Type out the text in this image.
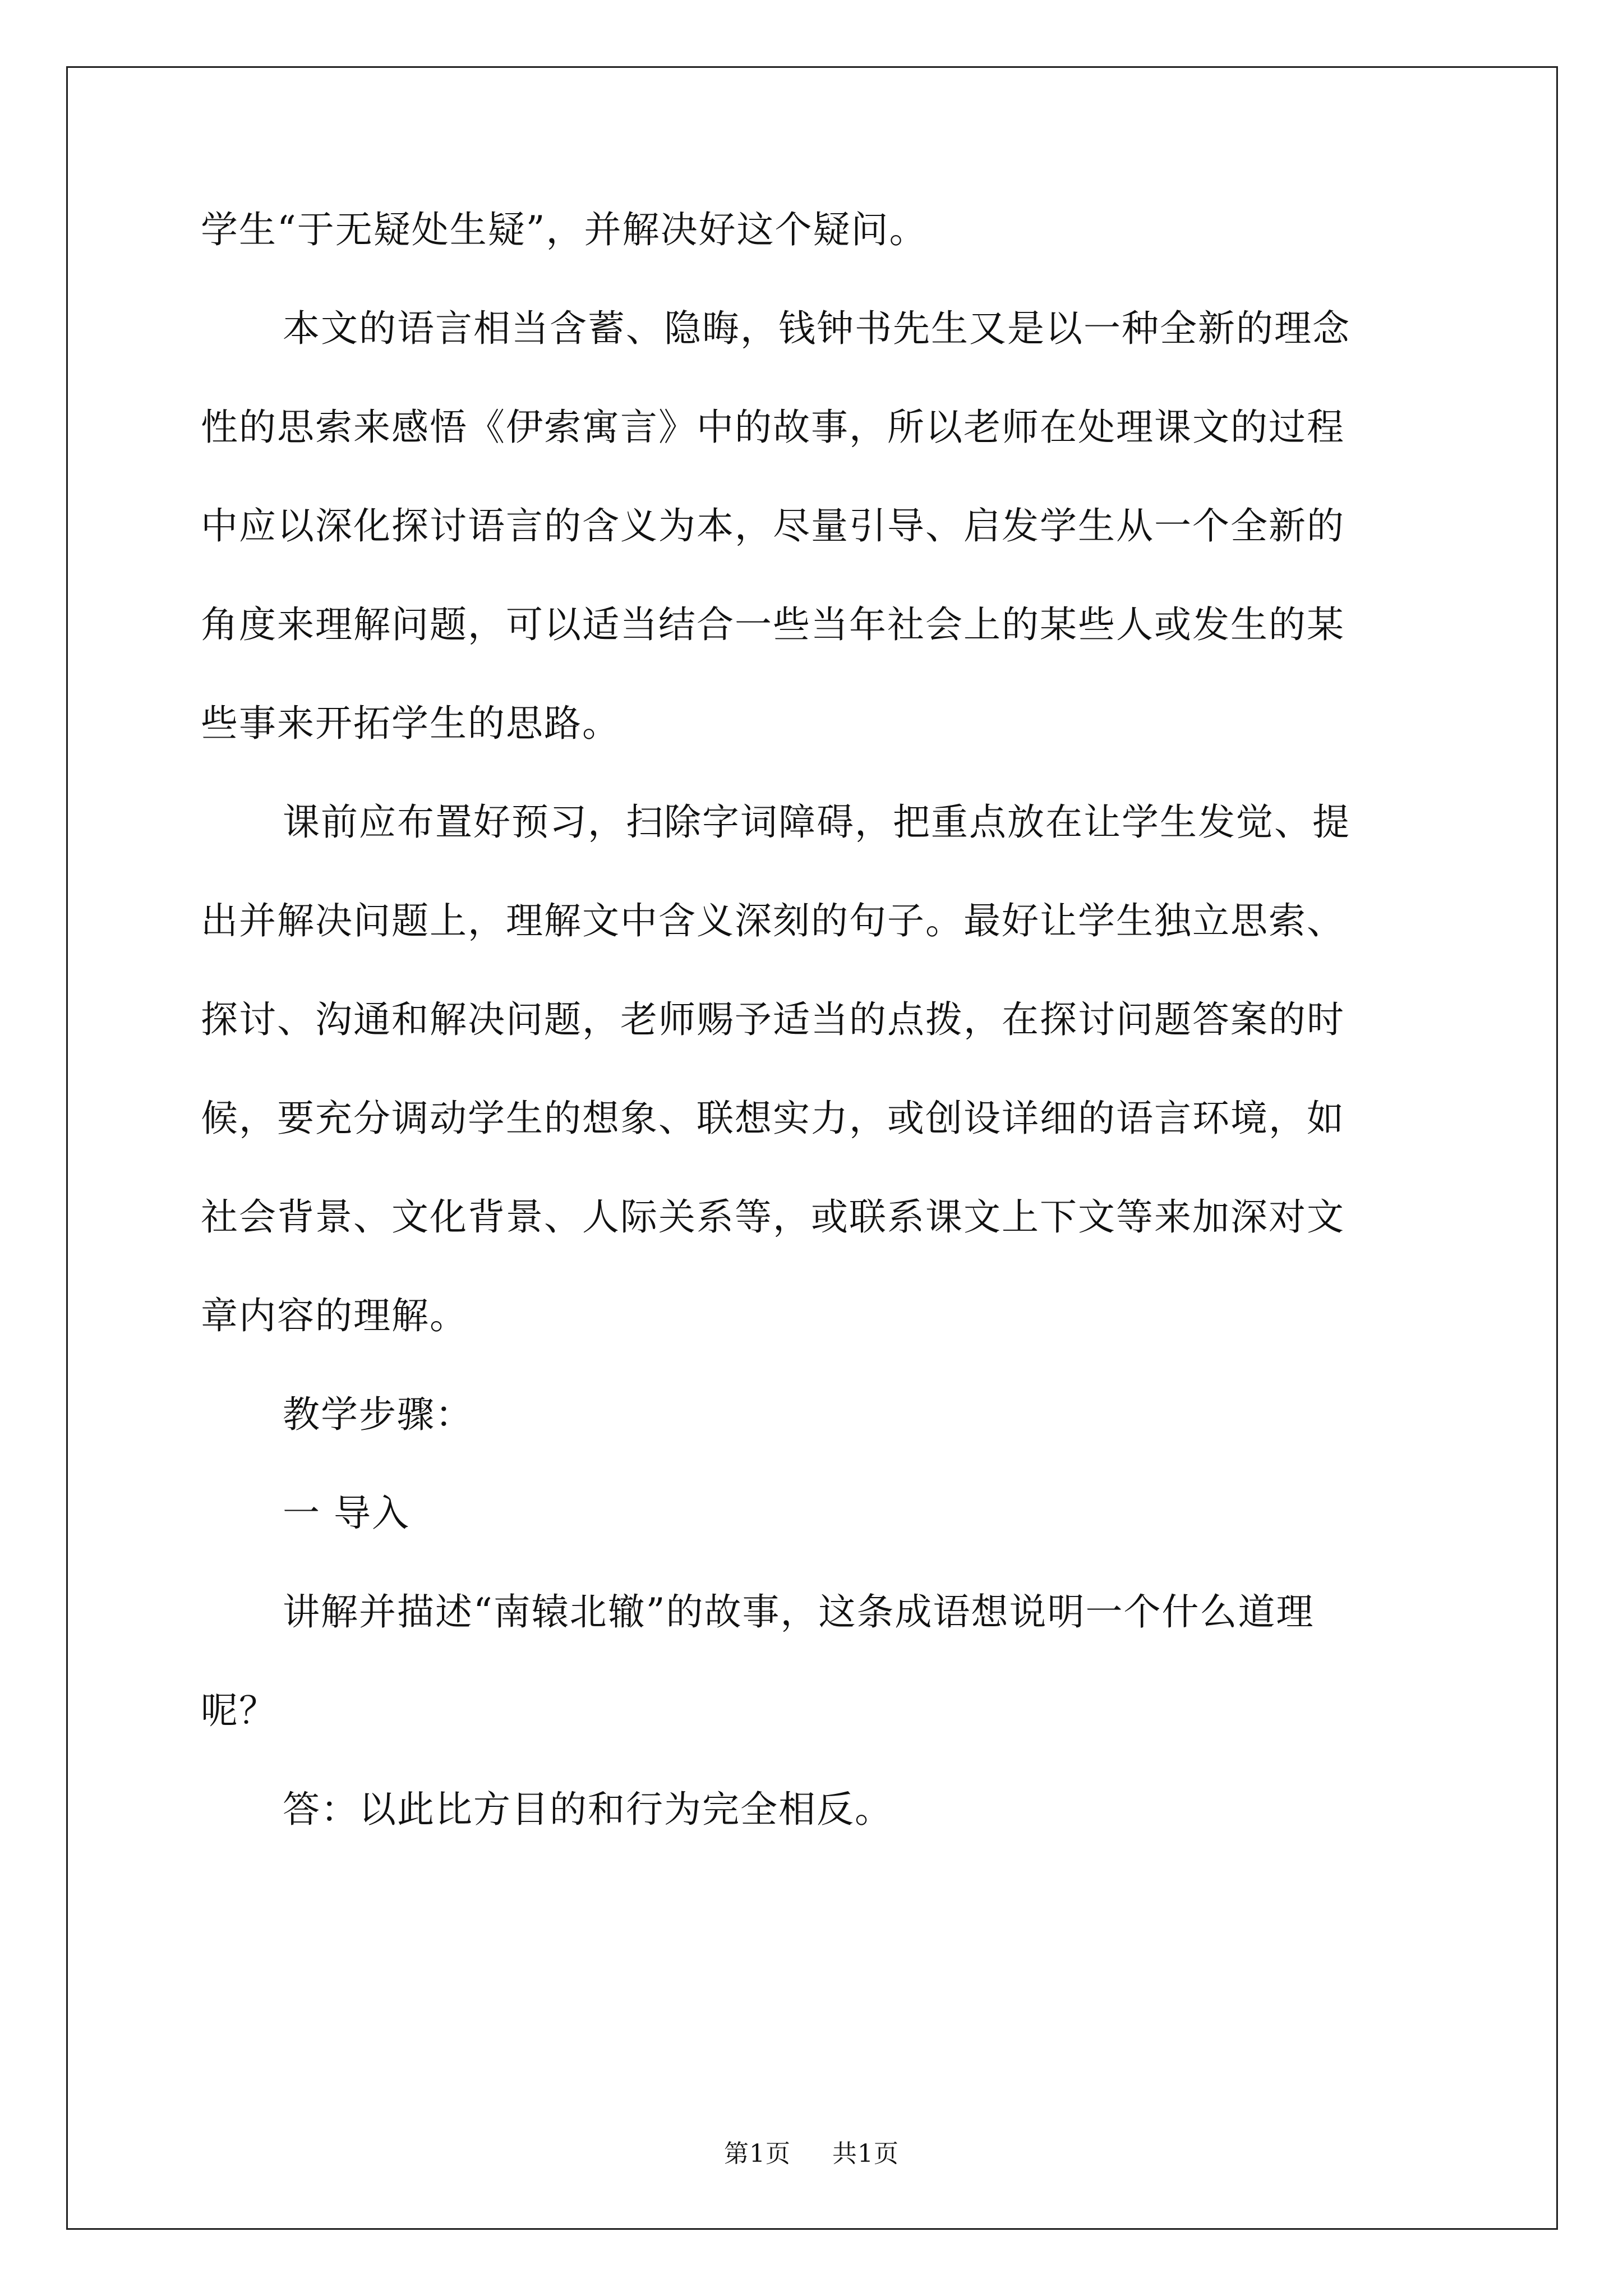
学生“于无疑处生疑”，并解决好这个疑问。

本文的语言相当含蓄、隐晦，钱钟书先生又是以一种全新的理念

性的思索来感悟《伊索寓言》中的故事，所以老师在处理课文的过程

中应以深化探讨语言的含义为本，尽量引导、启发学生从一个全新的

角度来理解问题，可以适当结合一些当年社会上的某些人或发生的某

些事来开拓学生的思路。

课前应布置好预习，扫除字词障碍，把重点放在让学生发觉、提

出并解决问题上，理解文中含义深刻的句子。最好让学生独立思索、

探讨、沟通和解决问题，老师赐予适当的点拨，在探讨问题答案的时

候，要充分调动学生的想象、联想实力，或创设详细的语言环境，如

社会背景、文化背景、人际关系等，或联系课文上下文等来加深对文

章内容的理解。

教学步骤：

一 导入

讲解并描述“南辕北辙”的故事，这条成语想说明一个什么道理

呢？

答：以此比方目的和行为完全相反。

第1页 共1页
